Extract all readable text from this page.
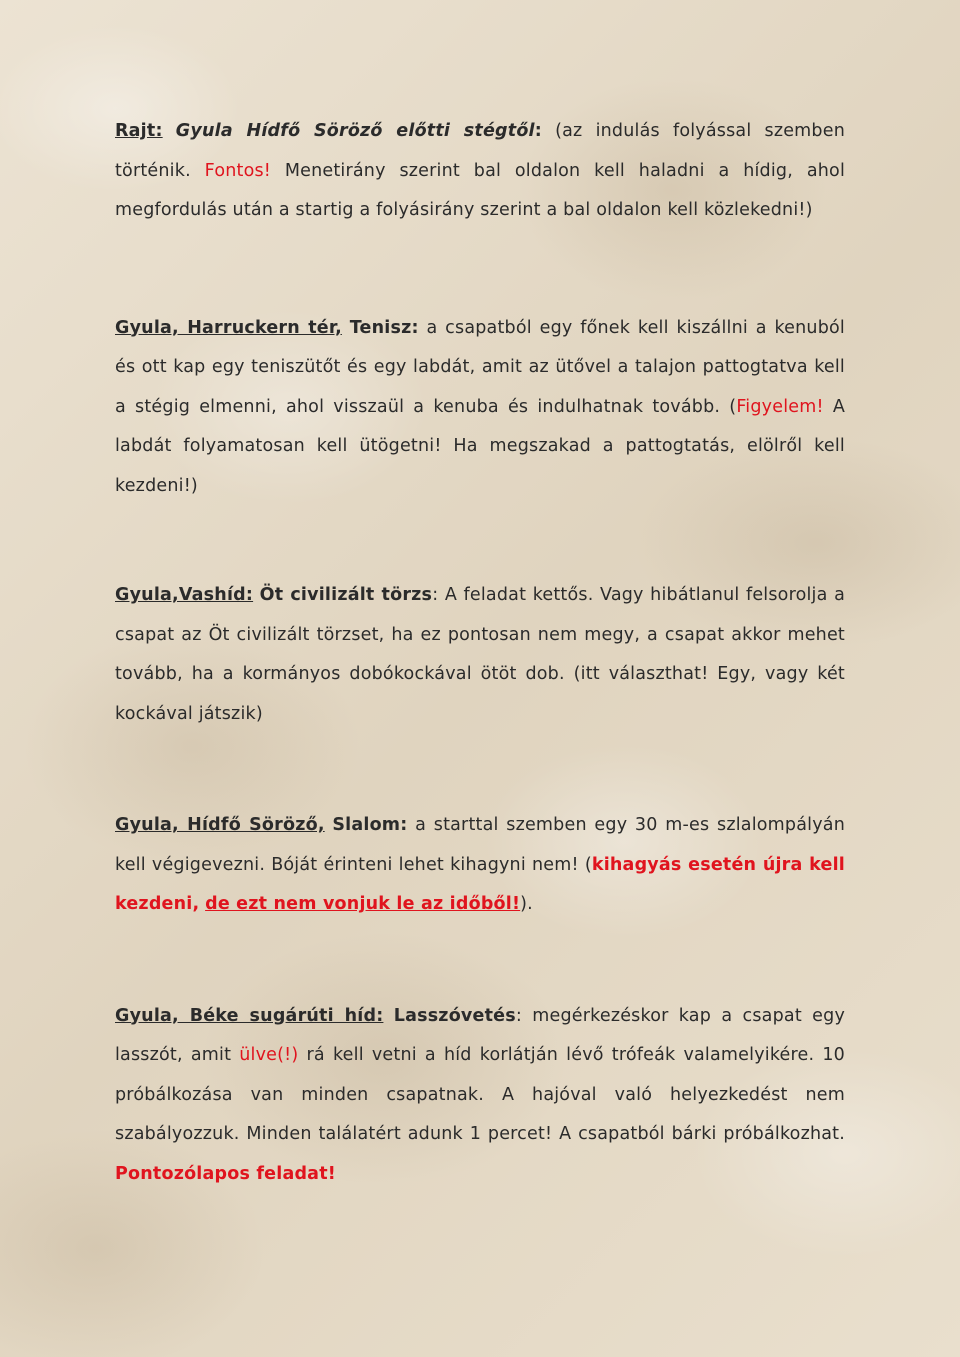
Rajt: Gyula Hídfő Söröző előtti stégtől: (az indulás folyással szemben történik. Fontos! Menetirány szerint bal oldalon kell haladni a hídig, ahol megfordulás után a startig a folyásirány szerint a bal oldalon kell közlekedni!)

Gyula, Harruckern tér, Tenisz: a csapatból egy főnek kell kiszállni a kenuból és ott kap egy teniszütőt és egy labdát, amit az ütővel a talajon pattogtatva kell a stégig elmenni, ahol visszaül a kenuba és indulhatnak tovább. (Figyelem! A labdát folyamatosan kell ütögetni! Ha megszakad a pattogtatás, elölről kell kezdeni!)

Gyula,Vashíd: Öt civilizált törzs: A feladat kettős. Vagy hibátlanul felsorolja a csapat az Öt civilizált törzset, ha ez pontosan nem megy, a csapat akkor mehet tovább, ha a kormányos dobókockával ötöt dob. (itt választhat! Egy, vagy két kockával játszik)

Gyula, Hídfő Söröző, Slalom: a starttal szemben egy 30 m-es szlalompályán kell végigevezni. Bóját érinteni lehet kihagyni nem! (kihagyás esetén újra kell kezdeni, de ezt nem vonjuk le az időből!).

Gyula, Béke sugárúti híd: Lasszóvetés: megérkezéskor kap a csapat egy lasszót, amit ülve(!) rá kell vetni a híd korlátján lévő trófeák valamelyikére. 10 próbálkozása van minden csapatnak. A hajóval való helyezkedést nem szabályozzuk. Minden találatért adunk 1 percet! A csapatból bárki próbálkozhat. Pontozólapos feladat!
